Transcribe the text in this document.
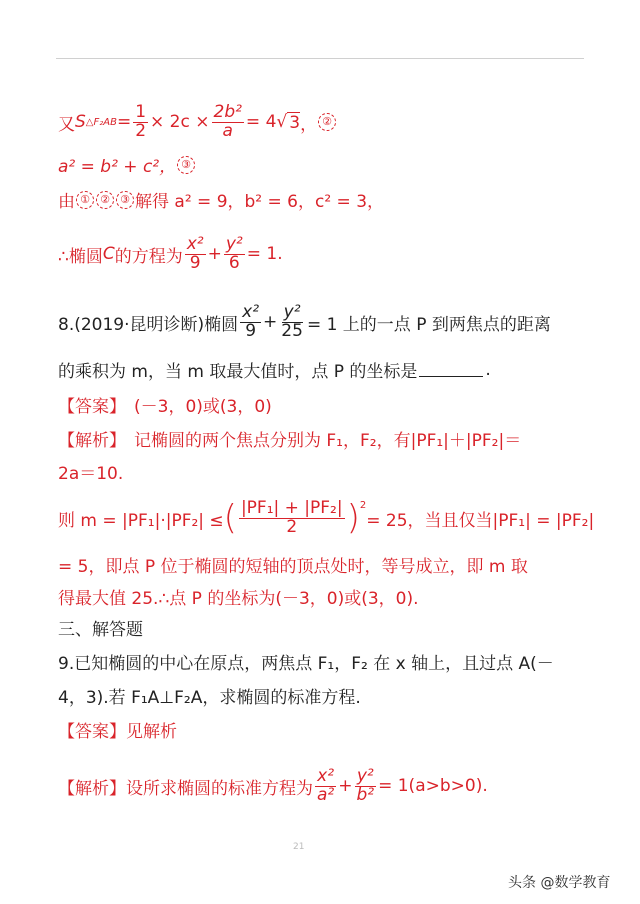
又 S △F₂AB = $\frac{1}{2} \times 2c \times \frac{\text{2b²}}{a} = 4$ √ 3 ， ②
a² = b² + c²， ③
由 ① ② ③ 解得 a² = 9，b² = 6，c² = 3，
∴椭圆 C 的方程为 $\frac{\text{x²}}{9} + \frac{\text{y²}}{6} = 1$.
8.(2019·昆明诊断)椭圆 $\frac{\text{x²}}{9} + \frac{\text{y²}}{25} = 1$ 上的一点 P 到两焦点的距离
的乘积为 m，当 m 取最大值时，点 P 的坐标是	.
【答案】 (－3，0)或(3，0)
【解析】 记椭圆的两个焦点分别为 F₁，F₂，有|PF₁|＋|PF₂|＝
2a＝10.
则 m = |PF₁|·|PF₂| ≤ ( $\frac{\text{|PF₁| + |PF₂|}}{2} )^2$
= 25，当且仅当|PF₁| = |PF₂|
= 5，即点 P 位于椭圆的短轴的顶点处时，等号成立，即 m 取
得最大值 25.∴点 P 的坐标为(－3，0)或(3，0).
三、解答题
9.已知椭圆的中心在原点，两焦点 F₁，F₂ 在 x 轴上，且过点 A(－
4，3).若 F₁A⊥F₂A，求椭圆的标准方程.
【答案】 见解析
【解析】 设所求椭圆的标准方程为 $\frac{\text{x²}}{\text{a²}} + \frac{\text{y²}}{\text{b²}} = 1(a>b>0)$.
21
头条 @数学教育
